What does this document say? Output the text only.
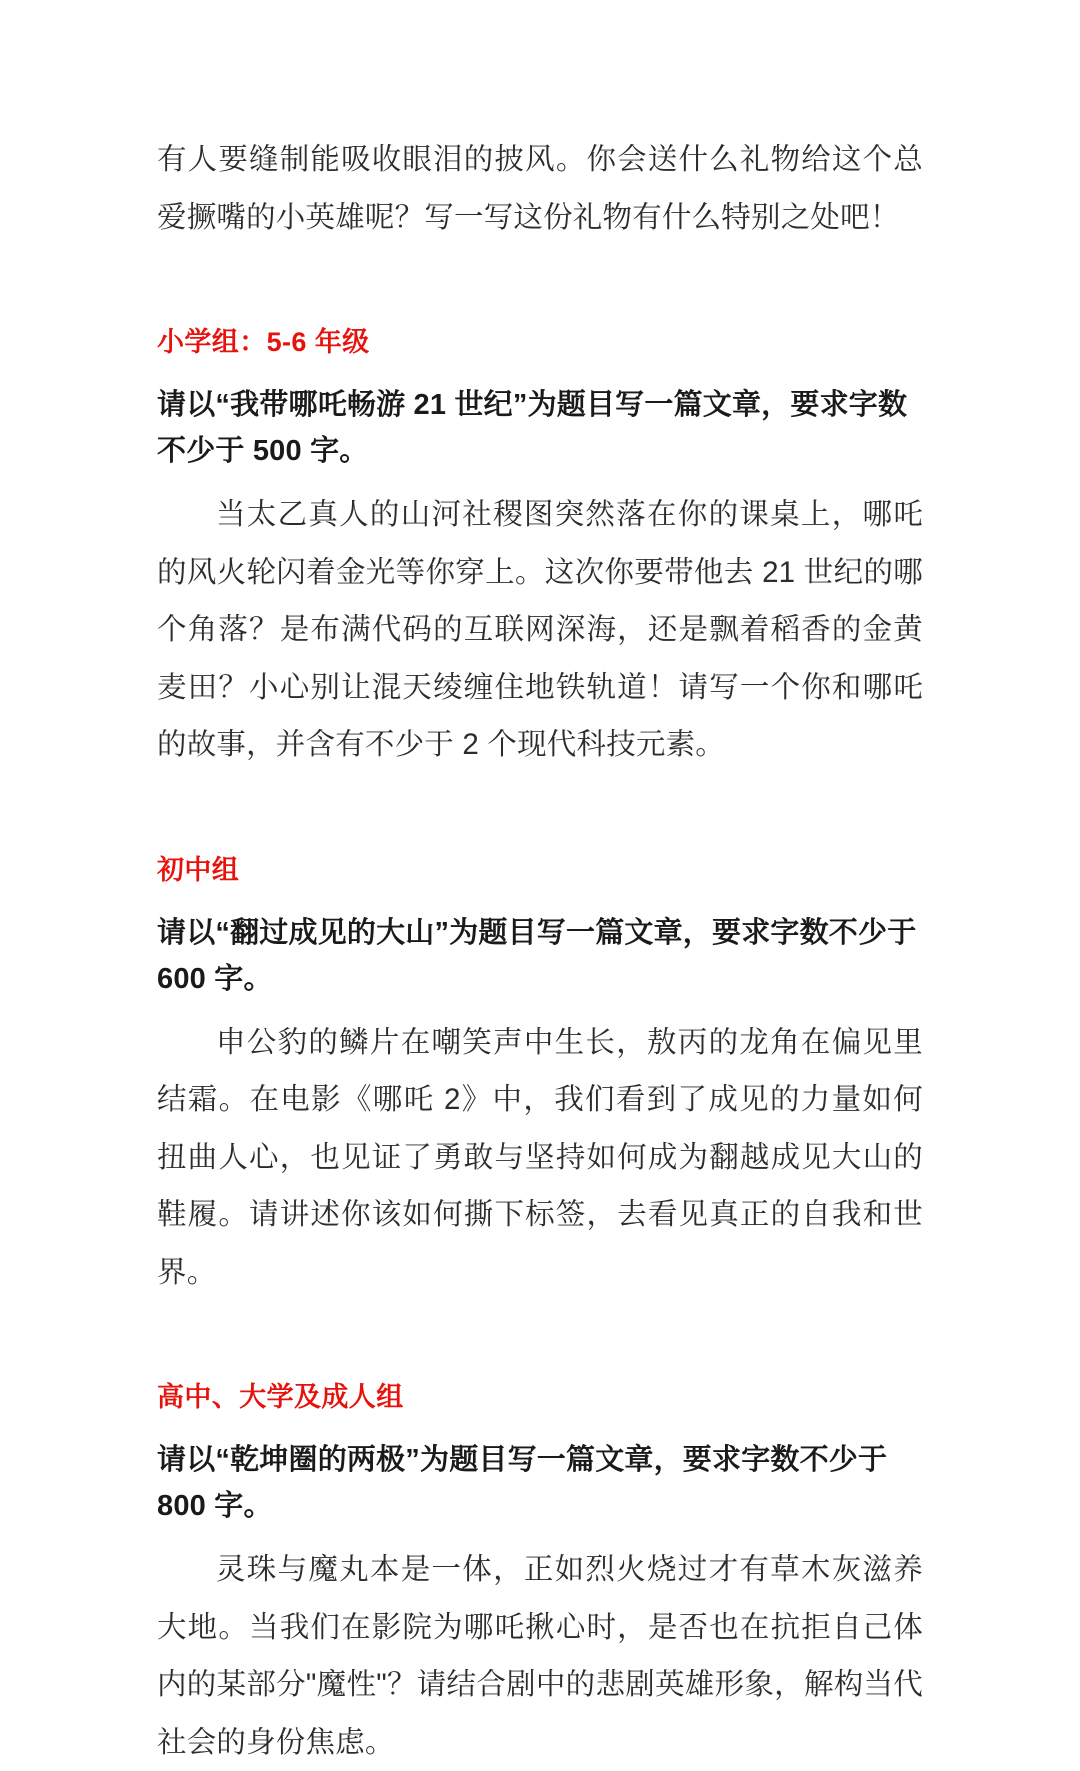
有人要缝制能吸收眼泪的披风。你会送什么礼物给这个总爱撅嘴的小英雄呢？写一写这份礼物有什么特别之处吧！

小学组：5-6 年级

请以“我带哪吒畅游 21 世纪”为题目写一篇文章，要求字数不少于 500 字。

当太乙真人的山河社稷图突然落在你的课桌上，哪吒的风火轮闪着金光等你穿上。这次你要带他去 21 世纪的哪个角落？是布满代码的互联网深海，还是飘着稻香的金黄麦田？小心别让混天绫缠住地铁轨道！请写一个你和哪吒的故事，并含有不少于 2 个现代科技元素。

初中组

请以“翻过成见的大山”为题目写一篇文章，要求字数不少于 600 字。

申公豹的鳞片在嘲笑声中生长，敖丙的龙角在偏见里结霜。在电影《哪吒 2》中，我们看到了成见的力量如何扭曲人心，也见证了勇敢与坚持如何成为翻越成见大山的鞋履。请讲述你该如何撕下标签，去看见真正的自我和世界。

高中、大学及成人组

请以“乾坤圈的两极”为题目写一篇文章，要求字数不少于 800 字。

灵珠与魔丸本是一体，正如烈火烧过才有草木灰滋养大地。当我们在影院为哪吒揪心时，是否也在抗拒自己体内的某部分"魔性"？请结合剧中的悲剧英雄形象，解构当代社会的身份焦虑。
